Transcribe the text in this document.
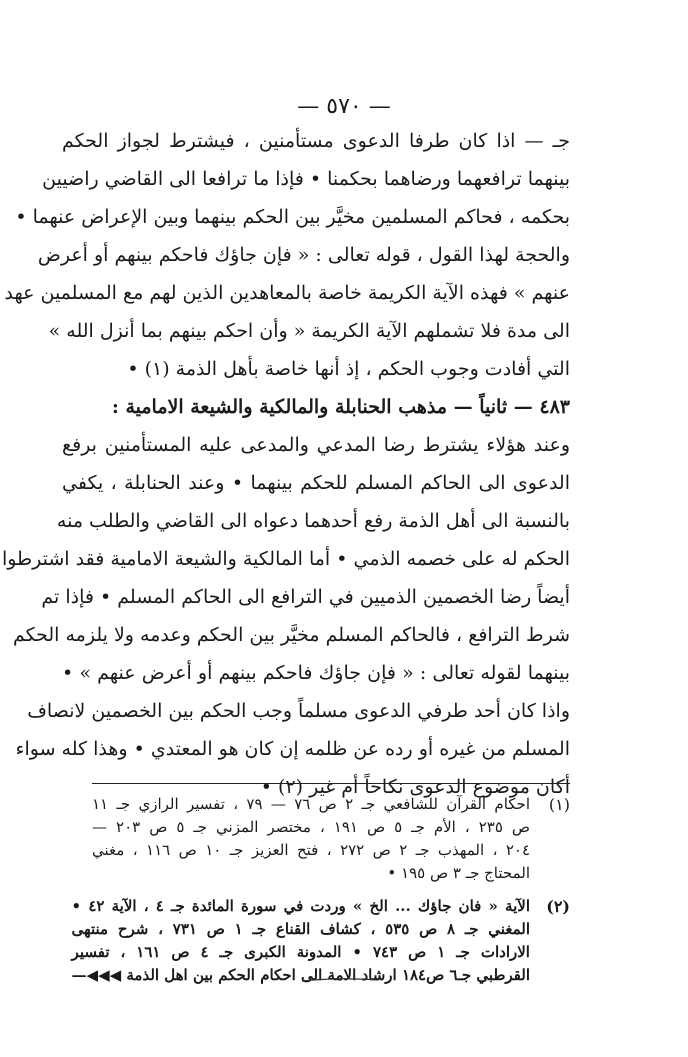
— ٥٧٠ —
جـ — اذا كان طرفا الدعوى مستأمنين ، فيشترط لجواز الحكم
بينهما ترافعهما ورضاهما بحكمنا • فإذا ما ترافعا الى القاضي راضيين
بحكمه ، فحاكم المسلمين مخيَّر بين الحكم بينهما وبين الإعراض عنهما •
والحجة لهذا القول ، قوله تعالى : « فإن جاؤك فاحكم بينهم أو أعرض
عنهم » فهذه الآية الكريمة خاصة بالمعاهدين الذين لهم مع المسلمين عهد
الى مدة فلا تشملهم الآية الكريمة « وأن احكم بينهم بما أنزل الله »
التي أفادت وجوب الحكم ، إذ أنها خاصة بأهل الذمة (١) •
٤٨٣ — ثانياً — مذهب الحنابلة والمالكية والشيعة الامامية :
وعند هؤلاء يشترط رضا المدعي والمدعى عليه المستأمنين برفع
الدعوى الى الحاكم المسلم للحكم بينهما • وعند الحنابلة ، يكفي
بالنسبة الى أهل الذمة رفع أحدهما دعواه الى القاضي والطلب منه
الحكم له على خصمه الذمي • أما المالكية والشيعة الامامية فقد اشترطوا
أيضاً رضا الخصمين الذميين في الترافع الى الحاكم المسلم • فإذا تم
شرط الترافع ، فالحاكم المسلم مخيَّر بين الحكم وعدمه ولا يلزمه الحكم
بينهما لقوله تعالى : « فإن جاؤك فاحكم بينهم أو أعرض عنهم » •
واذا كان أحد طرفي الدعوى مسلماً وجب الحكم بين الخصمين لانصاف
المسلم من غيره أو رده عن ظلمه إن كان هو المعتدي • وهذا كله سواء
أكان موضوع الدعوى نكاحاً أم غير (٢) •
(١)
احكام القرآن للشافعي جـ ٢ ص ٧٦ — ٧٩ ، تفسير الرازي جـ ١١
ص ٢٣٥ ، الأم جـ ٥ ص ١٩١ ، مختصر المزني جـ ٥ ص ٢٠٣ —
٢٠٤ ، المهذب جـ ٢ ص ٢٧٢ ، فتح العزيز جـ ١٠ ص ١١٦ ، مغني
المحتاج جـ ٣ ص ١٩٥ •
(٢)
الآية « فان جاؤك ... الخ » وردت في سورة المائدة جـ ٤ ، الآية ٤٢ •
المغني جـ ٨ ص ٥٣٥ ، كشاف القناع جـ ١ ص ٧٣١ ، شرح منتهى
الارادات جـ ١ ص ٧٤٣ • المدونة الكبرى جـ ٤ ص ١٦١ ، تفسير
القرطبي جـ٦ ص١٨٤ ارشاد الامة الى احكام الحكم بين اهل الذمة ◀◀◀—
